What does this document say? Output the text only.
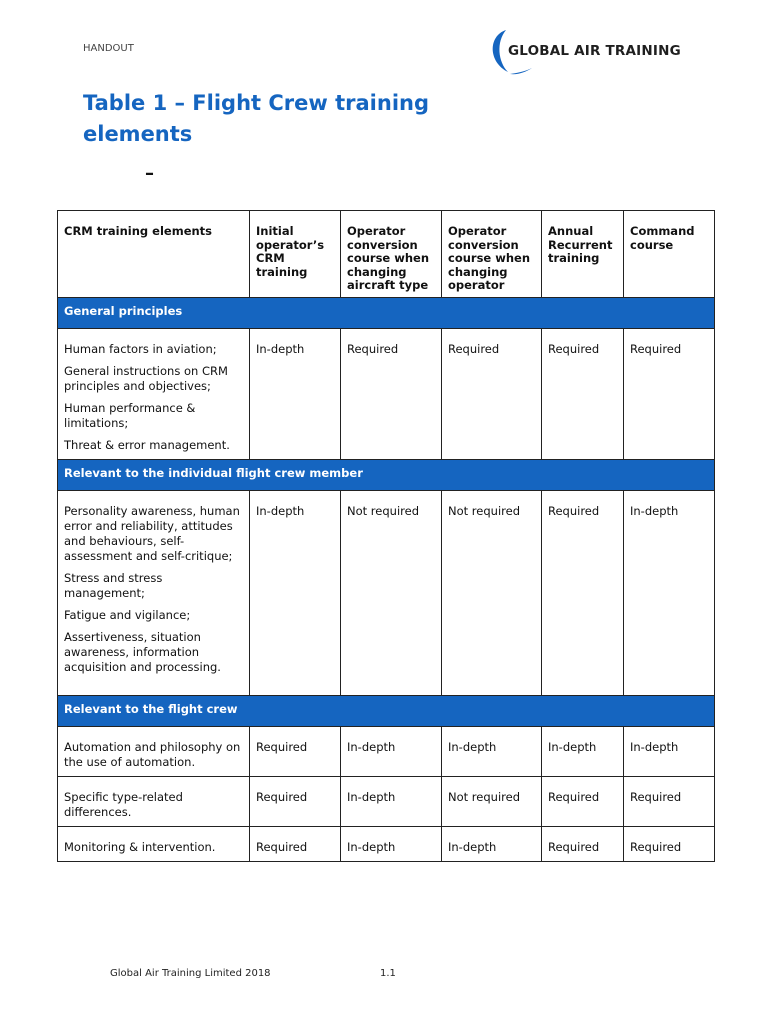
HANDOUT	GLOBAL AIR TRAINING
Table 1 – Flight Crew training elements
–
CRM training elements	Initial operator’s CRM training	Operator conversion course when changing aircraft type	Operator conversion course when changing operator	Annual Recurrent training	Command course
General principles					

Human factors in aviation;
General instructions on CRM principles and objectives;
Human performance & limitations;
Threat & error management.	In-depth	Required	Required	Required	Required
Relevant to the individual flight crew member					

Personality awareness, human error and reliability, attitudes and behaviours, self-assessment and self-critique;
Stress and stress management;
Fatigue and vigilance;
Assertiveness, situation awareness, information acquisition and processing.	In-depth	Not required	Not required	Required	In-depth
Relevant to the flight crew					

Automation and philosophy on the use of automation.	Required	In-depth	In-depth	In-depth	In-depth

Specific type-related differences.	Required	In-depth	Not required	Required	Required

Monitoring & intervention.	Required	In-depth	In-depth	Required	Required
Global Air Training Limited 2018	1.1
